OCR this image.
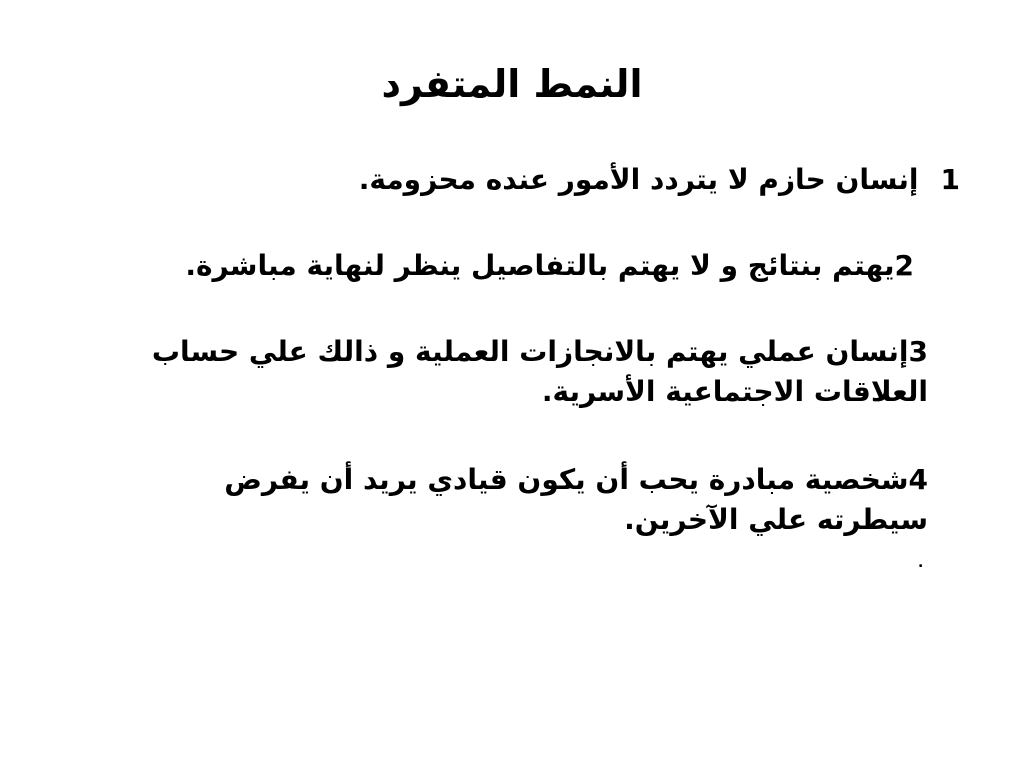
النمط المتفرد
1إنسان حازم لا يتردد الأمور عنده محزومة.
2يهتم بنتائج و لا يهتم بالتفاصيل ينظر لنهاية مباشرة.
3إنسان عملي يهتم بالانجازات العملية و ذالك علي حساب العلاقات الاجتماعية الأسرية.
4شخصية مبادرة يحب أن يكون قيادي يريد أن يفرض سيطرته علي الآخرين.
.
